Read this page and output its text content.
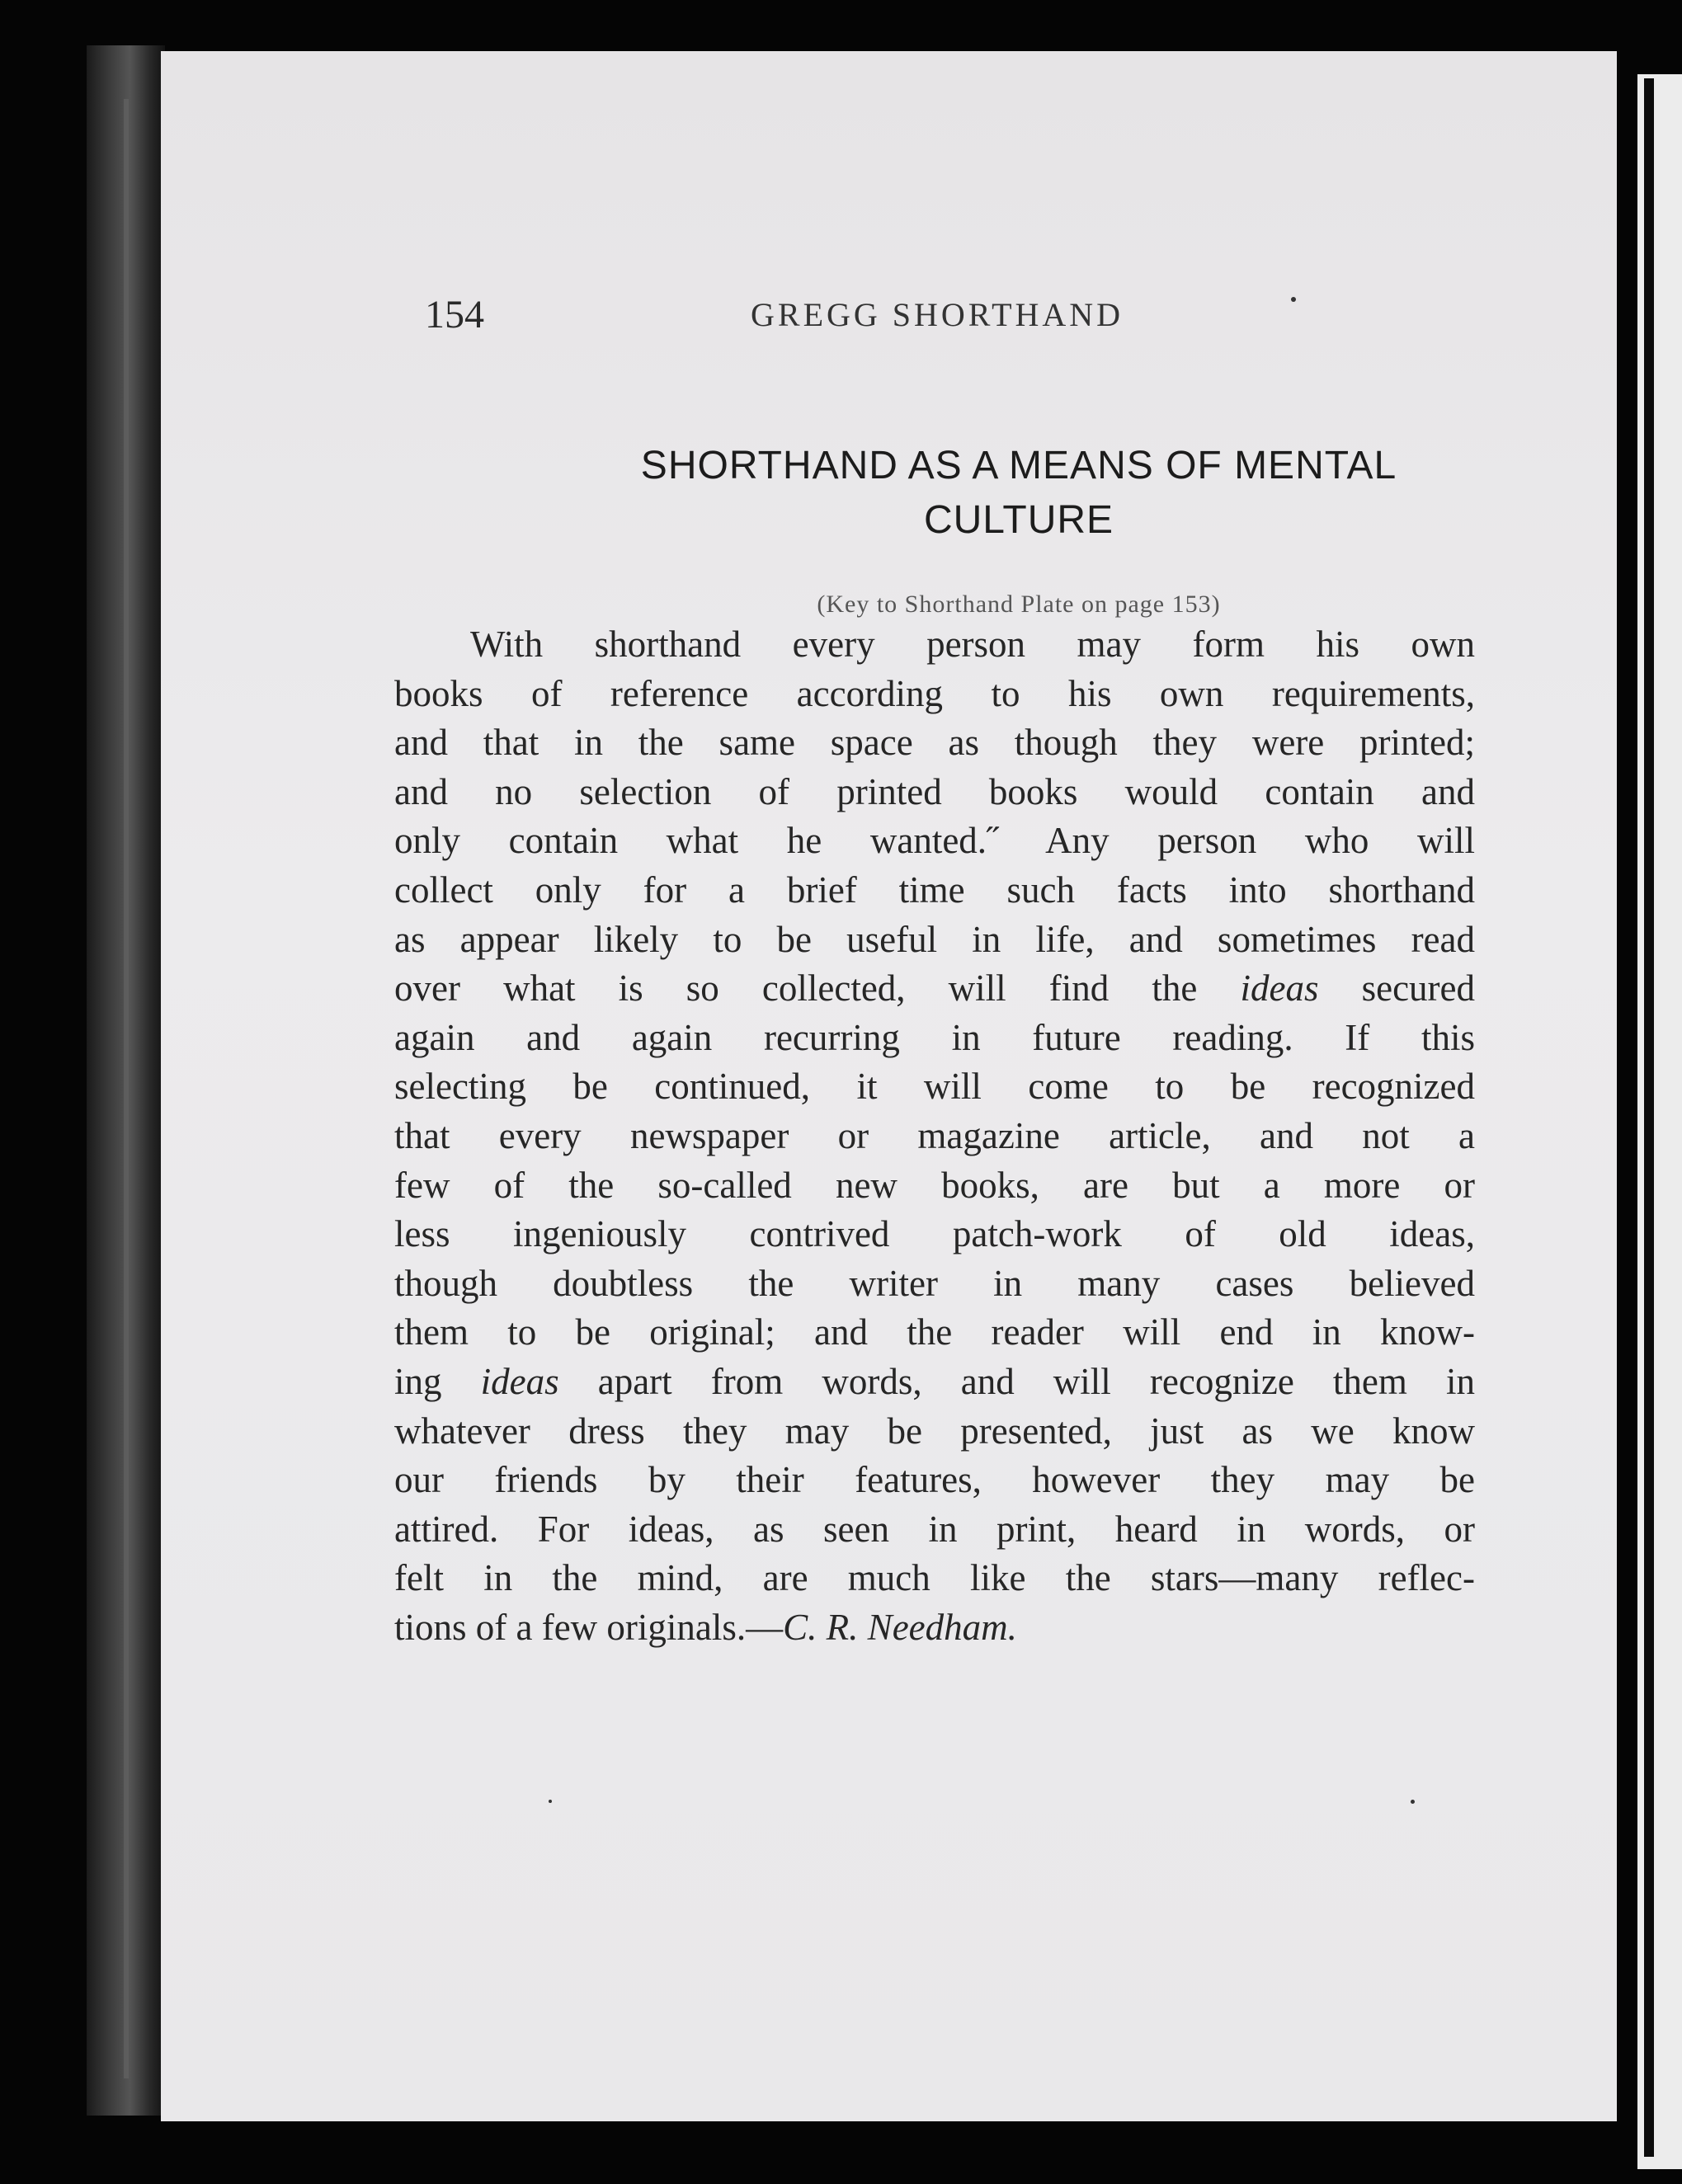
154	GREGG SHORTHAND
SHORTHAND AS A MEANS OF MENTAL
CULTURE
(Key to Shorthand Plate on page 153)
With shorthand every person may form his own
books of reference according to his own requirements,
and that in the same space as though they were printed;
and no selection of printed books would contain and
only contain what he wanted.˝ Any person who will
collect only for a brief time such facts into shorthand
as appear likely to be useful in life, and sometimes read
over what is so collected, will find the ideas secured
again and again recurring in future reading. If this
selecting be continued, it will come to be recognized
that every newspaper or magazine article, and not a
few of the so-called new books, are but a more or
less ingeniously contrived patch-work of old ideas,
though doubtless the writer in many cases believed
them to be original; and the reader will end in know-
ing ideas apart from words, and will recognize them in
whatever dress they may be presented, just as we know
our friends by their features, however they may be
attired. For ideas, as seen in print, heard in words, or
felt in the mind, are much like the stars—many reflec-
tions of a few originals.—C. R. Needham.
